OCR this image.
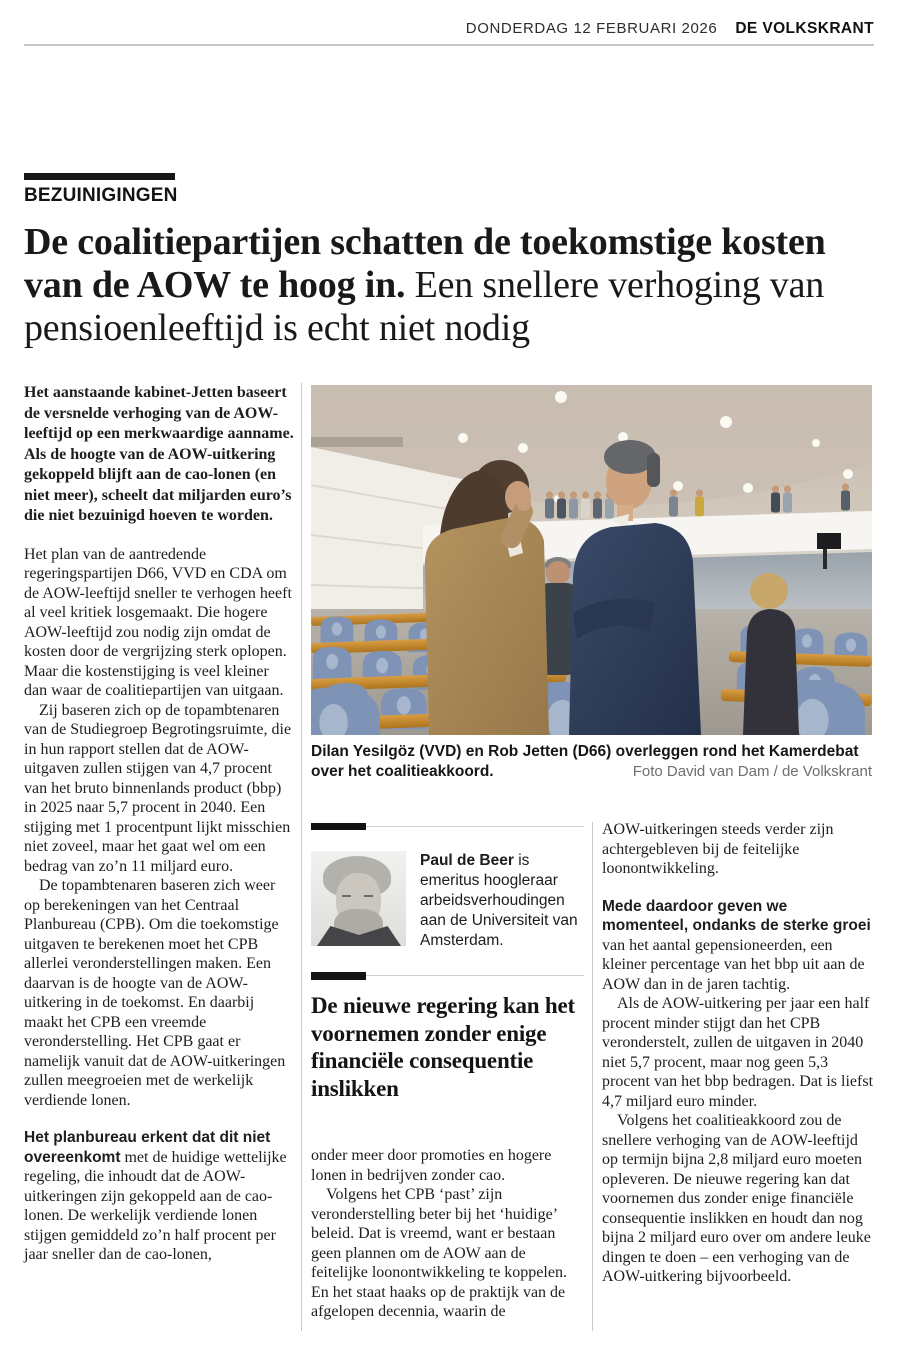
DONDERDAG 12 FEBRUARI 2026 DE VOLKSKRANT
BEZUINIGINGEN
De coalitiepartijen schatten de toekomstige kosten van de AOW te hoog in. Een snellere verhoging van pensioenleeftijd is echt niet nodig

Het aanstaande kabinet-Jetten baseert de versnelde verhoging van de AOW-leeftijd op een merkwaardige aanname. Als de hoogte van de AOW-uitkering gekoppeld blijft aan de cao-lonen (en niet meer), scheelt dat miljarden euro’s die niet bezuinigd hoeven te worden.

Het plan van de aantredende regeringspartijen D66, VVD en CDA om de AOW-leeftijd sneller te verhogen heeft al veel kritiek losgemaakt. Die hogere AOW-leeftijd zou nodig zijn omdat de kosten door de vergrijzing sterk oplopen. Maar die kostenstijging is veel kleiner dan waar de coalitiepartijen van uitgaan.

Zij baseren zich op de topambtenaren van de Studiegroep Begrotingsruimte, die in hun rapport stellen dat de AOW-uitgaven zullen stijgen van 4,7 procent van het bruto binnenlands product (bbp) in 2025 naar 5,7 procent in 2040. Een stijging met 1 procentpunt lijkt misschien niet zoveel, maar het gaat wel om een bedrag van zo’n 11 miljard euro.

De topambtenaren baseren zich weer op berekeningen van het Centraal Planbureau (CPB). Om die toekomstige uitgaven te berekenen moet het CPB allerlei veronderstellingen maken. Een daarvan is de hoogte van de AOW-uitkering in de toekomst. En daarbij maakt het CPB een vreemde veronderstelling. Het CPB gaat er namelijk vanuit dat de AOW-uitkeringen zullen meegroeien met de werkelijk verdiende lonen.

Het planbureau erkent dat dit niet overeenkomt met de huidige wettelijke regeling, die inhoudt dat de AOW-uitkeringen zijn gekoppeld aan de cao-lonen. De werkelijk verdiende lonen stijgen gemiddeld zo’n half procent per jaar sneller dan de cao-lonen,

Dilan Yesilgöz (VVD) en Rob Jetten (D66) overleggen rond het Kamerdebat over het coalitieakkoord.	Foto David van Dam / de Volkskrant
Paul de Beer is emeritus hoogleraar arbeidsverhoudingen aan de Universiteit van Amsterdam.

De nieuwe regering kan het voornemen zonder enige financiële consequentie inslikken

onder meer door promoties en hogere lonen in bedrijven zonder cao.

Volgens het CPB ‘past’ zijn veronderstelling beter bij het ‘huidige’ beleid. Dat is vreemd, want er bestaan geen plannen om de AOW aan de feitelijke loonontwikkeling te koppelen. En het staat haaks op de praktijk van de afgelopen decennia, waarin de

AOW-uitkeringen steeds verder zijn achtergebleven bij de feitelijke loonontwikkeling.

Mede daardoor geven we momenteel, ondanks de sterke groei van het aantal gepensioneerden, een kleiner percentage van het bbp uit aan de AOW dan in de jaren tachtig.

Als de AOW-uitkering per jaar een half procent minder stijgt dan het CPB veronderstelt, zullen de uitgaven in 2040 niet 5,7 procent, maar nog geen 5,3 procent van het bbp bedragen. Dat is liefst 4,7 miljard euro minder.

Volgens het coalitieakkoord zou de snellere verhoging van de AOW-leeftijd op termijn bijna 2,8 miljard euro moeten opleveren. De nieuwe regering kan dat voornemen dus zonder enige financiële consequentie inslikken en houdt dan nog bijna 2 miljard euro over om andere leuke dingen te doen – een verhoging van de AOW-uitkering bijvoorbeeld.
